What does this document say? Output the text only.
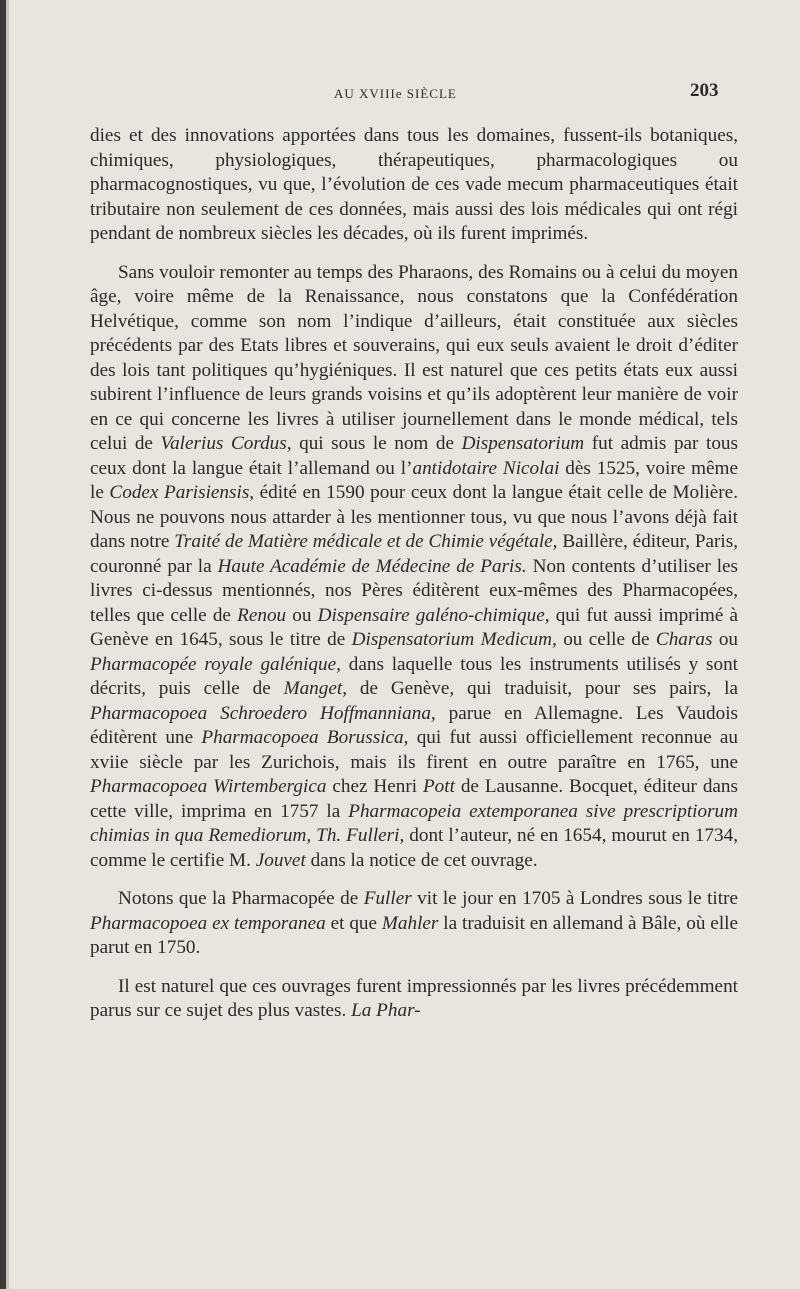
AU XVIIIe SIÈCLE	203

dies et des innovations apportées dans tous les domaines, fussent-ils botaniques, chimiques, physiologiques, thérapeutiques, pharmacologiques ou pharmacognostiques, vu que, l’évolution de ces vade mecum pharmaceutiques était tributaire non seulement de ces données, mais aussi des lois médicales qui ont régi pendant de nombreux siècles les décades, où ils furent imprimés.

Sans vouloir remonter au temps des Pharaons, des Romains ou à celui du moyen âge, voire même de la Renaissance, nous constatons que la Confédération Helvétique, comme son nom l’indique d’ailleurs, était constituée aux siècles précédents par des Etats libres et souverains, qui eux seuls avaient le droit d’éditer des lois tant politiques qu’hygiéniques. Il est naturel que ces petits états eux aussi subirent l’influence de leurs grands voisins et qu’ils adoptèrent leur manière de voir en ce qui concerne les livres à utiliser journellement dans le monde médical, tels celui de Valerius Cordus, qui sous le nom de Dispensatorium fut admis par tous ceux dont la langue était l’allemand ou l’antidotaire Nicolai dès 1525, voire même le Codex Parisiensis, édité en 1590 pour ceux dont la langue était celle de Molière. Nous ne pouvons nous attarder à les mentionner tous, vu que nous l’avons déjà fait dans notre Traité de Matière médicale et de Chimie végétale, Baillère, éditeur, Paris, couronné par la Haute Académie de Médecine de Paris. Non contents d’utiliser les livres ci-dessus mentionnés, nos Pères éditèrent eux-mêmes des Pharmacopées, telles que celle de Renou ou Dispensaire galéno-chimique, qui fut aussi imprimé à Genève en 1645, sous le titre de Dispensatorium Medicum, ou celle de Charas ou Pharmacopée royale galénique, dans laquelle tous les instruments utilisés y sont décrits, puis celle de Manget, de Genève, qui traduisit, pour ses pairs, la Pharmacopoea Schroedero Hoffmanniana, parue en Allemagne. Les Vaudois éditèrent une Pharmacopoea Borussica, qui fut aussi officiellement reconnue au xviie siècle par les Zurichois, mais ils firent en outre paraître en 1765, une Pharmacopoea Wirtembergica chez Henri Pott de Lausanne. Bocquet, éditeur dans cette ville, imprima en 1757 la Pharmacopeia extemporanea sive prescriptiorum chimias in qua Remediorum, Th. Fulleri, dont l’auteur, né en 1654, mourut en 1734, comme le certifie M. Jouvet dans la notice de cet ouvrage.

Notons que la Pharmacopée de Fuller vit le jour en 1705 à Londres sous le titre Pharmacopoea ex temporanea et que Mahler la traduisit en allemand à Bâle, où elle parut en 1750.

Il est naturel que ces ouvrages furent impressionnés par les livres précédemment parus sur ce sujet des plus vastes. La Phar-
